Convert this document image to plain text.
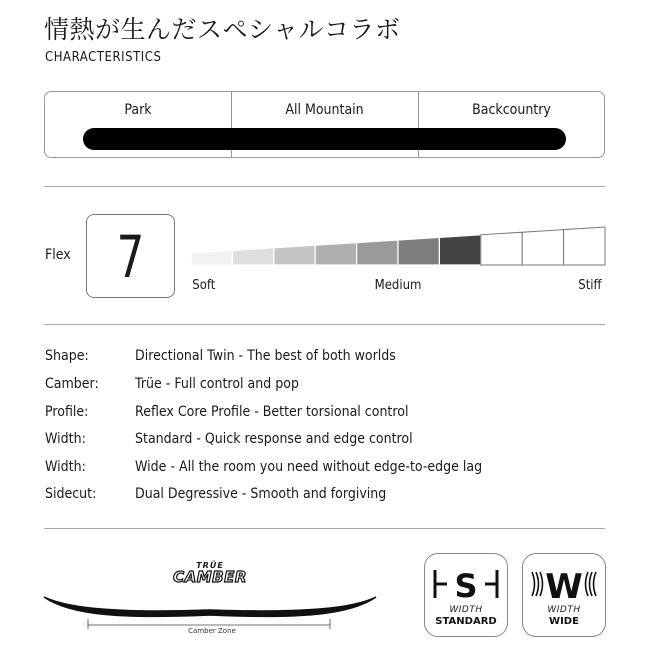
情熱が生んだスペシャルコラボ
CHARACTERISTICS
Park	All Mountain	Backcountry
Flex 7	Soft	Medium	Stiff
Shape:	Directional Twin - The best of both worlds
Camber:	Trüe - Full control and pop
Profile:	Reflex Core Profile - Better torsional control
Width:	Standard - Quick response and edge control
Width:	Wide - All the room you need without edge-to-edge lag
Sidecut:	Dual Degressive - Smooth and forgiving
TRÜE
CAMBER
Camber Zone
S
WIDTH
STANDARD
W
WIDTH
WIDE
